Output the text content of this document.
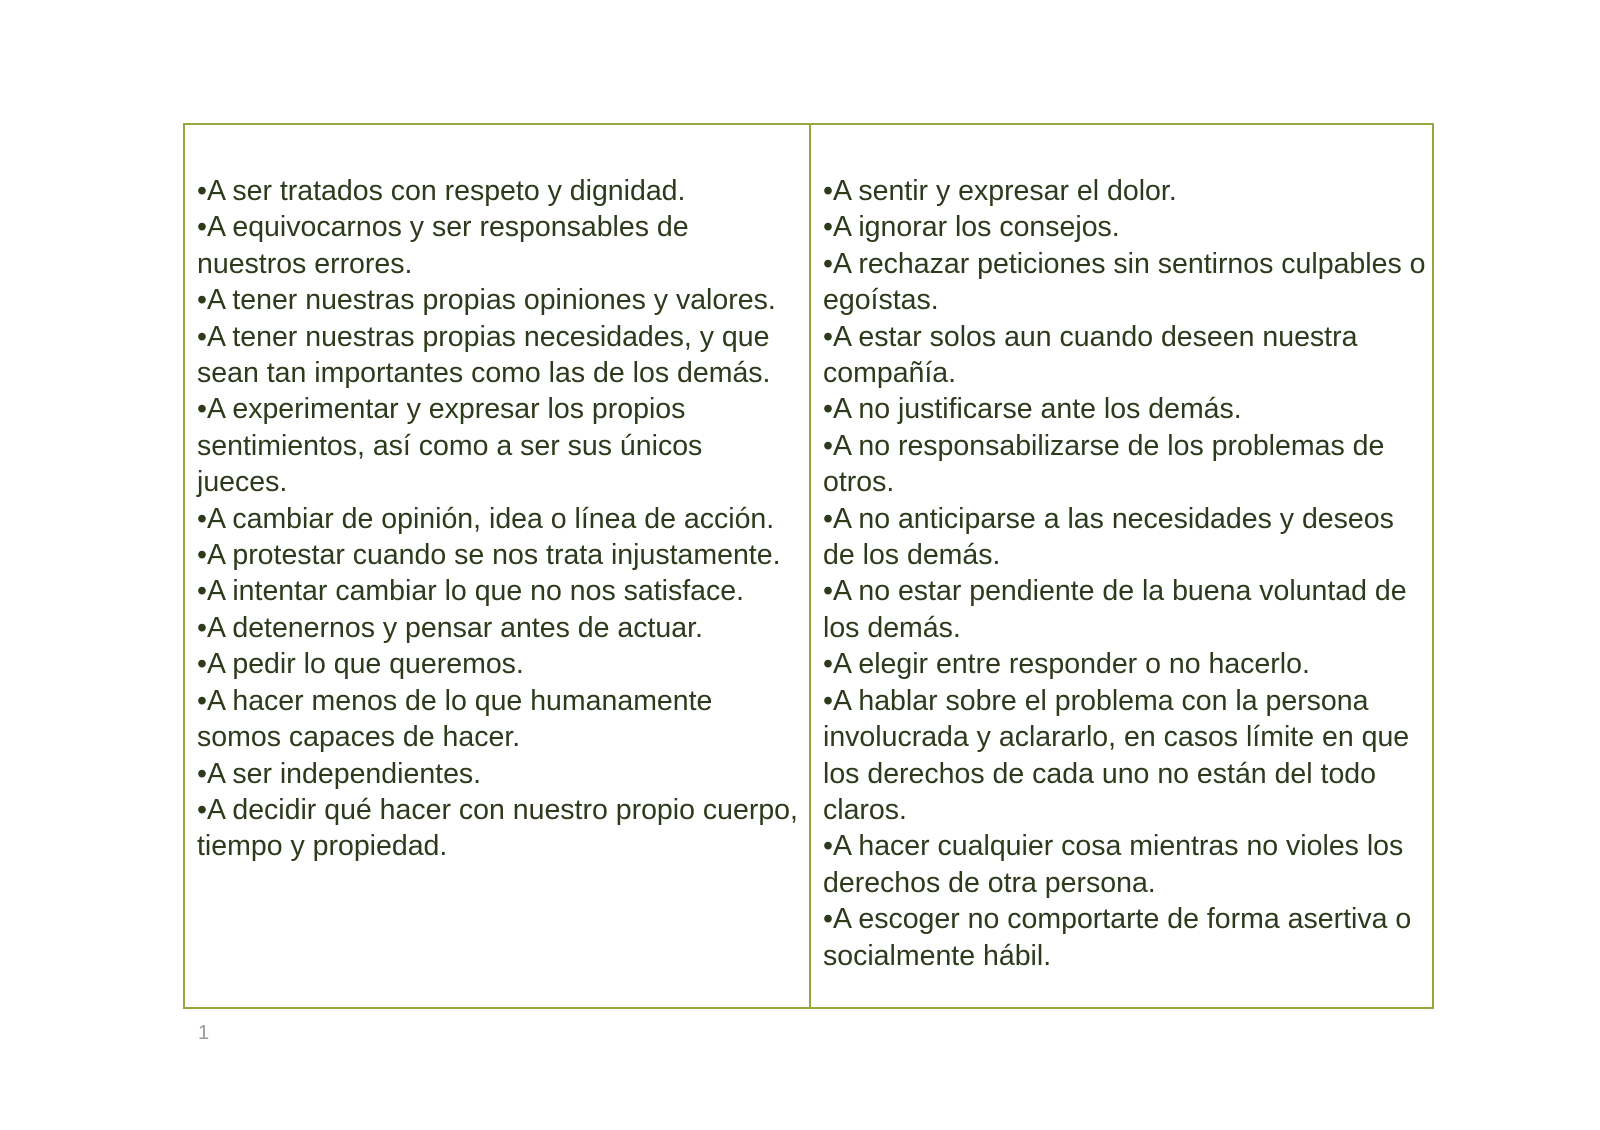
•A ser tratados con respeto y dignidad.
•A equivocarnos y ser responsables de nuestros errores.
•A tener nuestras propias opiniones y valores.
•A tener nuestras propias necesidades, y que sean tan importantes como las de los demás.
•A experimentar y expresar los propios sentimientos, así como a ser sus únicos jueces.
•A cambiar de opinión, idea o línea de acción.
•A protestar cuando se nos trata injustamente.
•A intentar cambiar lo que no nos satisface.
•A detenernos y pensar antes de actuar.
•A pedir lo que queremos.
•A hacer menos de lo que humanamente somos capaces de hacer.
•A ser independientes.
•A decidir qué hacer con nuestro propio cuerpo, tiempo y propiedad.
•A sentir y expresar el dolor.
•A ignorar los consejos.
•A rechazar peticiones sin sentirnos culpables o egoístas.
•A estar solos aun cuando deseen nuestra compañía.
•A no justificarse ante los demás.
•A no responsabilizarse de los problemas de otros.
•A no anticiparse a las necesidades y deseos de los demás.
•A no estar pendiente de la buena voluntad de los demás.
•A elegir entre responder o no hacerlo.
•A hablar sobre el problema con la persona involucrada y aclararlo, en casos límite en que los derechos de cada uno no están del todo claros.
•A hacer cualquier cosa mientras no violes los derechos de otra persona.
•A escoger no comportarte de forma asertiva o socialmente hábil.
1
